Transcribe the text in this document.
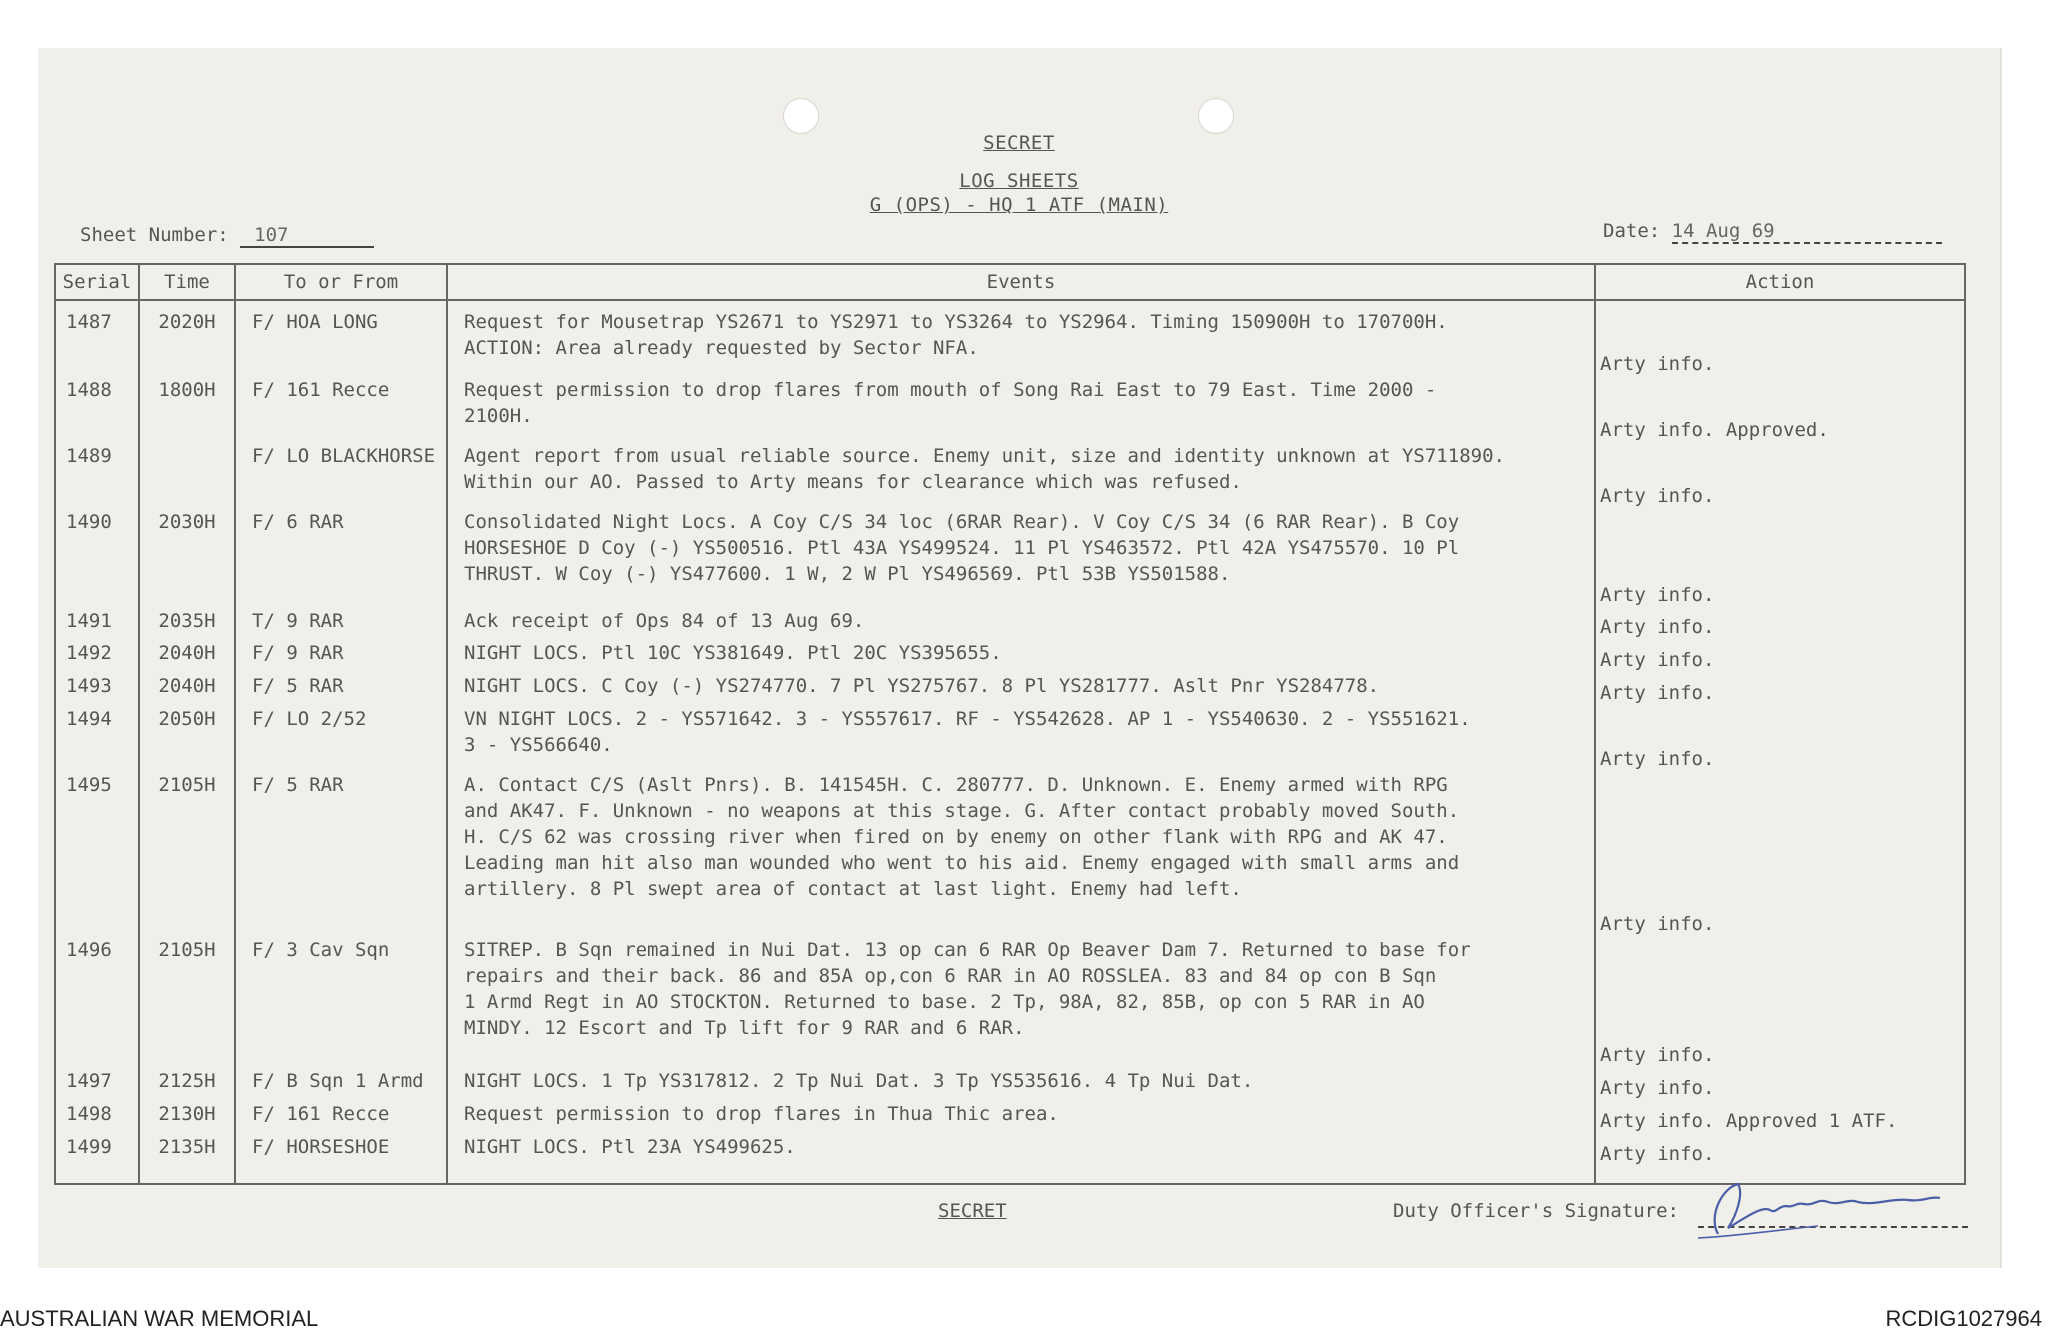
SECRET
LOG SHEETS
G (OPS) - HQ 1 ATF (MAIN)
Sheet Number: 107	Date: 14 Aug 69
Serial	Time	To or From	Events	Action
1487	2020H	F/ HOA LONG	Request for Mousetrap YS2671 to YS2971 to YS3264 to YS2964. Timing 150900H to 170700H.
ACTION: Area already requested by Sector NFA.	Arty info.
1488	1800H	F/ 161 Recce	Request permission to drop flares from mouth of Song Rai East to 79 East. Time 2000 -
2100H.	Arty info. Approved.
1489		F/ LO BLACKHORSE	Agent report from usual reliable source. Enemy unit, size and identity unknown at YS711890.
Within our AO. Passed to Arty means for clearance which was refused.	Arty info.
1490	2030H	F/ 6 RAR	Consolidated Night Locs. A Coy C/S 34 loc (6RAR Rear). V Coy C/S 34 (6 RAR Rear). B Coy
HORSESHOE D Coy (-) YS500516. Ptl 43A YS499524. 11 Pl YS463572. Ptl 42A YS475570. 10 Pl
THRUST. W Coy (-) YS477600. 1 W, 2 W Pl YS496569. Ptl 53B YS501588.	Arty info.
1491	2035H	T/ 9 RAR	Ack receipt of Ops 84 of 13 Aug 69.	Arty info.
1492	2040H	F/ 9 RAR	NIGHT LOCS. Ptl 10C YS381649. Ptl 20C YS395655.	Arty info.
1493	2040H	F/ 5 RAR	NIGHT LOCS. C Coy (-) YS274770. 7 Pl YS275767. 8 Pl YS281777. Aslt Pnr YS284778.	Arty info.
1494	2050H	F/ LO 2/52	VN NIGHT LOCS. 2 - YS571642. 3 - YS557617. RF - YS542628. AP 1 - YS540630. 2 - YS551621.
3 - YS566640.	Arty info.
1495	2105H	F/ 5 RAR	A. Contact C/S (Aslt Pnrs). B. 141545H. C. 280777. D. Unknown. E. Enemy armed with RPG
and AK47. F. Unknown - no weapons at this stage. G. After contact probably moved South.
H. C/S 62 was crossing river when fired on by enemy on other flank with RPG and AK 47.
Leading man hit also man wounded who went to his aid. Enemy engaged with small arms and
artillery. 8 Pl swept area of contact at last light. Enemy had left.	Arty info.
1496	2105H	F/ 3 Cav Sqn	SITREP. B Sqn remained in Nui Dat. 13 op can 6 RAR Op Beaver Dam 7. Returned to base for
repairs and their back. 86 and 85A op,con 6 RAR in AO ROSSLEA. 83 and 84 op con B Sqn
1 Armd Regt in AO STOCKTON. Returned to base. 2 Tp, 98A, 82, 85B, op con 5 RAR in AO
MINDY. 12 Escort and Tp lift for 9 RAR and 6 RAR.	Arty info.
1497	2125H	F/ B Sqn 1 Armd	NIGHT LOCS. 1 Tp YS317812. 2 Tp Nui Dat. 3 Tp YS535616. 4 Tp Nui Dat.	Arty info.
1498	2130H	F/ 161 Recce	Request permission to drop flares in Thua Thic area.	Arty info. Approved 1 ATF.
1499	2135H	F/ HORSESHOE	NIGHT LOCS. Ptl 23A YS499625.	Arty info.

SECRET	Duty Officer's Signature:
AUSTRALIAN WAR MEMORIAL	RCDIG1027964
